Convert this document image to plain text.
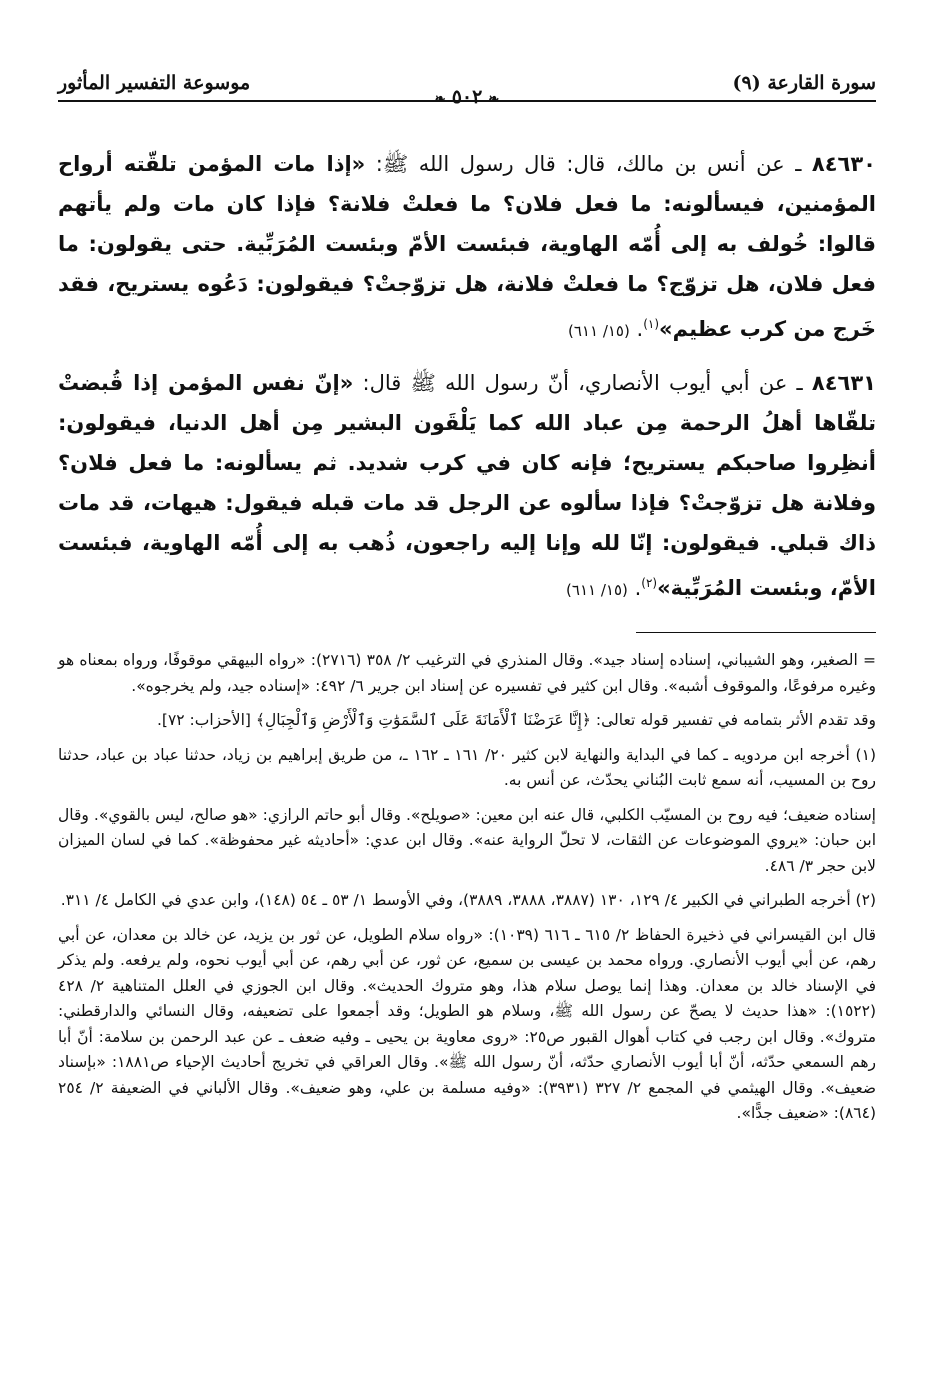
سورة القارعة (٩)
موسوعة التفسير المأثور
❧٥٠٢❧
٨٤٦٣٠ ـ عن أنس بن مالك، قال: قال رسول الله ﷺ: «إذا مات المؤمن تلقّته أرواح المؤمنين، فيسألونه: ما فعل فلان؟ ما فعلتْ فلانة؟ فإذا كان مات ولم يأتهم قالوا: خُولف به إلى أُمّه الهاوية، فبئست الأمّ وبئست المُرَبِّية. حتى يقولون: ما فعل فلان، هل تزوّج؟ ما فعلتْ فلانة، هل تزوّجتْ؟ فيقولون: دَعُوه يستريح، فقد خَرج من كرب عظيم»$^{(١)}$. (١٥/ ٦١١)
٨٤٦٣١ ـ عن أبي أيوب الأنصاري، أنّ رسول الله ﷺ قال: «إنّ نفس المؤمن إذا قُبضتْ تلقّاها أهلُ الرحمة مِن عباد الله كما يَلْقَون البشير مِن أهل الدنيا، فيقولون: أنظِروا صاحبكم يستريح؛ فإنه كان في كرب شديد. ثم يسألونه: ما فعل فلان؟ وفلانة هل تزوّجتْ؟ فإذا سألوه عن الرجل قد مات قبله فيقول: هيهات، قد مات ذاك قبلي. فيقولون: إنّا لله وإنا إليه راجعون، ذُهب به إلى أُمّه الهاوية، فبئست الأمّ، وبئست المُرَبِّية»$^{(٢)}$. (١٥/ ٦١١)

= الصغير، وهو الشيباني، إسناده إسناد جيد». وقال المنذري في الترغيب ٢/ ٣٥٨ (٢٧١٦): «رواه البيهقي موقوفًا، ورواه بمعناه هو وغيره مرفوعًا، والموقوف أشبه». وقال ابن كثير في تفسيره عن إسناد ابن جرير ٦/ ٤٩٢: «إسناده جيد، ولم يخرجوه».

وقد تقدم الأثر بتمامه في تفسير قوله تعالى: ﴿إِنَّا عَرَضْنَا ٱلْأَمَانَةَ عَلَى ٱلسَّمَوَٰتِ وَٱلْأَرْضِ وَٱلْجِبَالِ﴾ [الأحزاب: ٧٢].

(١) أخرجه ابن مردويه ـ كما في البداية والنهاية لابن كثير ٢٠/ ١٦١ ـ ١٦٢ ـ، من طريق إبراهيم بن زياد، حدثنا عباد بن عباد، حدثنا روح بن المسيب، أنه سمع ثابت البُناني يحدّث، عن أنس به.

إسناده ضعيف؛ فيه روح بن المسيّب الكلبي، قال عنه ابن معين: «صويلح». وقال أبو حاتم الرازي: «هو صالح، ليس بالقوي». وقال ابن حبان: «يروي الموضوعات عن الثقات، لا تحلّ الرواية عنه». وقال ابن عدي: «أحاديثه غير محفوظة». كما في لسان الميزان لابن حجر ٣/ ٤٨٦.

(٢) أخرجه الطبراني في الكبير ٤/ ١٢٩، ١٣٠ (٣٨٨٧، ٣٨٨٨، ٣٨٨٩)، وفي الأوسط ١/ ٥٣ ـ ٥٤ (١٤٨)، وابن عدي في الكامل ٤/ ٣١١.

قال ابن القيسراني في ذخيرة الحفاظ ٢/ ٦١٥ ـ ٦١٦ (١٠٣٩): «رواه سلام الطويل، عن ثور بن يزيد، عن خالد بن معدان، عن أبي رهم، عن أبي أيوب الأنصاري. ورواه محمد بن عيسى بن سميع، عن ثور، عن أبي رهم، عن أبي أيوب نحوه، ولم يرفعه. ولم يذكر في الإسناد خالد بن معدان. وهذا إنما يوصل سلام هذا، وهو متروك الحديث». وقال ابن الجوزي في العلل المتناهية ٢/ ٤٢٨ (١٥٢٢): «هذا حديث لا يصحّ عن رسول الله ﷺ، وسلام هو الطويل؛ وقد أجمعوا على تضعيفه، وقال النسائي والدارقطني: متروك». وقال ابن رجب في كتاب أهوال القبور ص٢٥: «روى معاوية بن يحيى ـ وفيه ضعف ـ عن عبد الرحمن بن سلامة: أنّ أبا رهم السمعي حدّثه، أنّ أبا أيوب الأنصاري حدّثه، أنّ رسول الله ﷺ». وقال العراقي في تخريج أحاديث الإحياء ص١٨٨١: «بإسناد ضعيف». وقال الهيثمي في المجمع ٢/ ٣٢٧ (٣٩٣١): «وفيه مسلمة بن علي، وهو ضعيف». وقال الألباني في الضعيفة ٢/ ٢٥٤ (٨٦٤): «ضعيف جدًّا».
